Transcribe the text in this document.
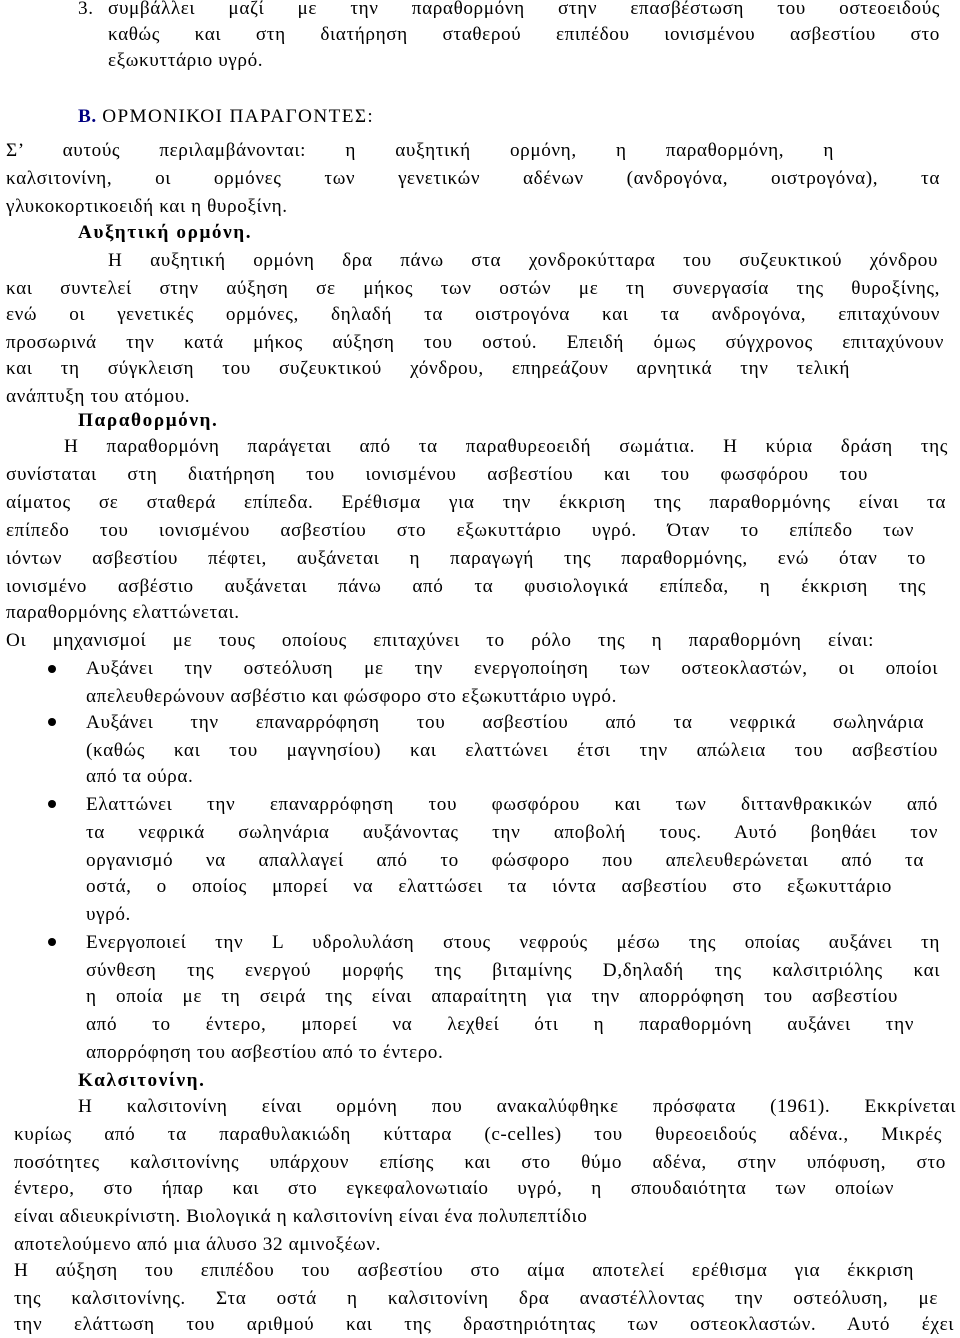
3. συμβάλλει μαζί με την παραθορμόνη στην επασβέστωση του οστεοειδούς
καθώς και στη διατήρηση σταθερού επιπέδου ιονισμένου ασβεστίου στο
εξωκυττάριο υγρό.
Β. ΟΡΜΟΝΙΚΟΙ ΠΑΡΑΓΟΝΤΕΣ:
Σ’ αυτούς περιλαμβάνονται: η αυξητική ορμόνη, η παραθορμόνη, η
καλσιτονίνη, οι ορμόνες των γενετικών αδένων (ανδρογόνα, οιστρογόνα), τα
γλυκοκορτικοειδή και η θυροξίνη.
Αυξητική ορμόνη.
Η αυξητική ορμόνη δρα πάνω στα χονδροκύτταρα του συζευκτικού χόνδρου
και συντελεί στην αύξηση σε μήκος των οστών με τη συνεργασία της θυροξίνης,
ενώ οι γενετικές ορμόνες, δηλαδή τα οιστρογόνα και τα ανδρογόνα, επιταχύνουν
προσωρινά την κατά μήκος αύξηση του οστού. Επειδή όμως σύγχρονος επιταχύνουν
και τη σύγκλειση του συζευκτικού χόνδρου, επηρεάζουν αρνητικά την τελική
ανάπτυξη του ατόμου.
Παραθορμόνη.
Η παραθορμόνη παράγεται από τα παραθυρεοειδή σωμάτια. Η κύρια δράση της
συνίσταται στη διατήρηση του ιονισμένου ασβεστίου και του φωσφόρου του
αίματος σε σταθερά επίπεδα. Ερέθισμα για την έκκριση της παραθορμόνης είναι τα
επίπεδο του ιονισμένου ασβεστίου στο εξωκυττάριο υγρό. Όταν το επίπεδο των
ιόντων ασβεστίου πέφτει, αυξάνεται η παραγωγή της παραθορμόνης, ενώ όταν το
ιονισμένο ασβέστιο αυξάνεται πάνω από τα φυσιολογικά επίπεδα, η έκκριση της
παραθορμόνης ελαττώνεται.
Οι μηχανισμοί με τους οποίους επιταχύνει το ρόλο της η παραθορμόνη είναι:
Αυξάνει την οστεόλυση με την ενεργοποίηση των οστεοκλαστών, οι οποίοι
απελευθερώνουν ασβέστιο και φώσφορο στο εξωκυττάριο υγρό.
Αυξάνει την επαναρρόφηση του ασβεστίου από τα νεφρικά σωληνάρια
(καθώς και του μαγνησίου) και ελαττώνει έτσι την απώλεια του ασβεστίου
από τα ούρα.
Ελαττώνει την επαναρρόφηση του φωσφόρου και των διττανθρακικών από
τα νεφρικά σωληνάρια αυξάνοντας την αποβολή τους. Αυτό βοηθάει τον
οργανισμό να απαλλαγεί από το φώσφορο που απελευθερώνεται από τα
οστά, ο οποίος μπορεί να ελαττώσει τα ιόντα ασβεστίου στο εξωκυττάριο
υγρό.
Ενεργοποιεί την L υδρολυλάση στους νεφρούς μέσω της οποίας αυξάνει τη
σύνθεση της ενεργού μορφής της βιταμίνης D,δηλαδή της καλσιτριόλης και
η οποία με τη σειρά της είναι απαραίτητη για την απορρόφηση του ασβεστίου
από το έντερο, μπορεί να λεχθεί ότι η παραθορμόνη αυξάνει την
απορρόφηση του ασβεστίου από το έντερο.
Καλσιτονίνη.
Η καλσιτονίνη είναι ορμόνη που ανακαλύφθηκε πρόσφατα (1961). Εκκρίνεται
κυρίως από τα παραθυλακιώδη κύτταρα (c-celles) του θυρεοειδούς αδένα., Μικρές
ποσότητες καλσιτονίνης υπάρχουν επίσης και στο θύμο αδένα, στην υπόφυση, στο
έντερο, στο ήπαρ και στο εγκεφαλονωτιαίο υγρό, η σπουδαιότητα των οποίων
είναι αδιευκρίνιστη. Βιολογικά η καλσιτονίνη είναι ένα πολυπεπτίδιο
αποτελούμενο από μια άλυσο 32 αμινοξέων.
Η αύξηση του επιπέδου του ασβεστίου στο αίμα αποτελεί ερέθισμα για έκκριση
της καλσιτονίνης. Στα οστά η καλσιτονίνη δρα αναστέλλοντας την οστεόλυση, με
την ελάττωση του αριθμού και της δραστηριότητας των οστεοκλαστών. Αυτό έχει
